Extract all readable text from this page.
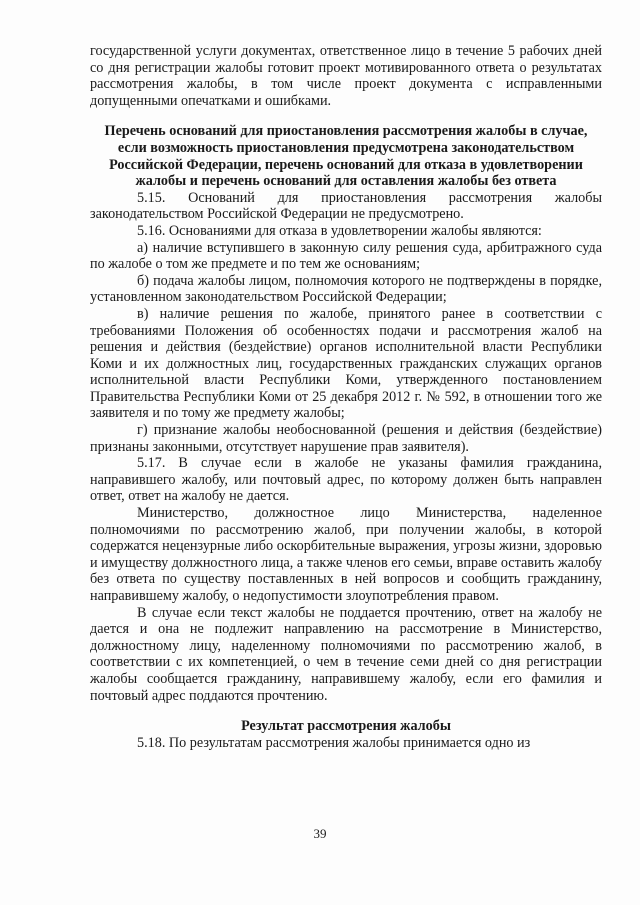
государственной услуги документах, ответственное лицо в течение 5 рабочих дней со дня регистрации жалобы готовит проект мотивированного ответа о результатах рассмотрения жалобы, в том числе проект документа с исправленными допущенными опечатками и ошибками.

Перечень оснований для приостановления рассмотрения жалобы в случае, если возможность приостановления предусмотрена законодательством Российской Федерации, перечень оснований для отказа в удовлетворении жалобы и перечень оснований для оставления жалобы без ответа

5.15. Оснований для приостановления рассмотрения жалобы законодательством Российской Федерации не предусмотрено.

5.16. Основаниями для отказа в удовлетворении жалобы являются:

а) наличие вступившего в законную силу решения суда, арбитражного суда по жалобе о том же предмете и по тем же основаниям;

б) подача жалобы лицом, полномочия которого не подтверждены в порядке, установленном законодательством Российской Федерации;

в) наличие решения по жалобе, принятого ранее в соответствии с требованиями Положения об особенностях подачи и рассмотрения жалоб на решения и действия (бездействие) органов исполнительной власти Республики Коми и их должностных лиц, государственных гражданских служащих органов исполнительной власти Республики Коми, утвержденного постановлением Правительства Республики Коми от 25 декабря 2012 г. № 592, в отношении того же заявителя и по тому же предмету жалобы;

г) признание жалобы необоснованной (решения и действия (бездействие) признаны законными, отсутствует нарушение прав заявителя).

5.17. В случае если в жалобе не указаны фамилия гражданина, направившего жалобу, или почтовый адрес, по которому должен быть направлен ответ, ответ на жалобу не дается.

Министерство, должностное лицо Министерства, наделенное полномочиями по рассмотрению жалоб, при получении жалобы, в которой содержатся нецензурные либо оскорбительные выражения, угрозы жизни, здоровью и имуществу должностного лица, а также членов его семьи, вправе оставить жалобу без ответа по существу поставленных в ней вопросов и сообщить гражданину, направившему жалобу, о недопустимости злоупотребления правом.

В случае если текст жалобы не поддается прочтению, ответ на жалобу не дается и она не подлежит направлению на рассмотрение в Министерство, должностному лицу, наделенному полномочиями по рассмотрению жалоб, в соответствии с их компетенцией, о чем в течение семи дней со дня регистрации жалобы сообщается гражданину, направившему жалобу, если его фамилия и почтовый адрес поддаются прочтению.

Результат рассмотрения жалобы

5.18. По результатам рассмотрения жалобы принимается одно из

39
